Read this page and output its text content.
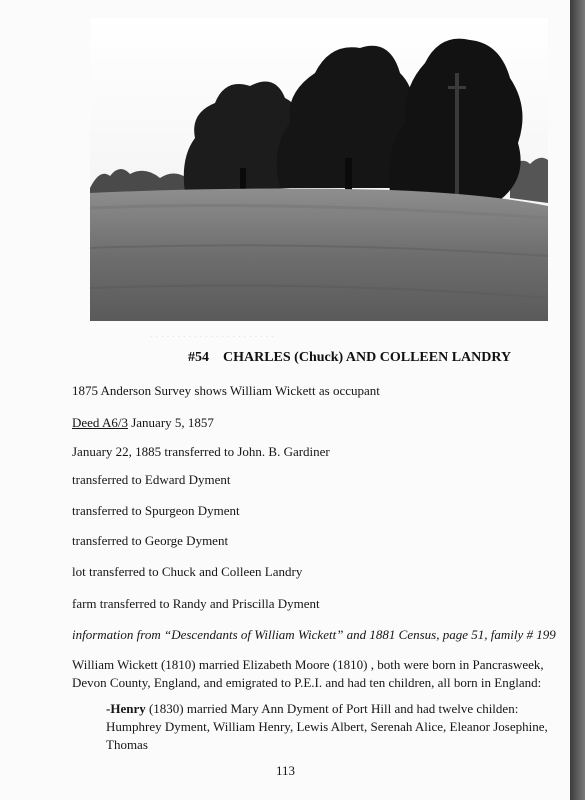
. . . . . . . . . . . . . . . . . . . . . . .
#54 CHARLES (Chuck) AND COLLEEN LANDRY
1875 Anderson Survey shows William Wickett as occupant
Deed A6/3 January 5, 1857
January 22, 1885 transferred to John. B. Gardiner
transferred to Edward Dyment
transferred to Spurgeon Dyment
transferred to George Dyment
lot transferred to Chuck and Colleen Landry
farm transferred to Randy and Priscilla Dyment
information from “Descendants of William Wickett” and 1881 Census, page 51, family # 199
William Wickett (1810) married Elizabeth Moore (1810) , both were born in Pancrasweek, Devon County, England, and emigrated to P.E.I. and had ten children, all born in England:
-Henry (1830) married Mary Ann Dyment of Port Hill and had twelve childen: Humphrey Dyment, William Henry, Lewis Albert, Serenah Alice, Eleanor Josephine, Thomas
113
